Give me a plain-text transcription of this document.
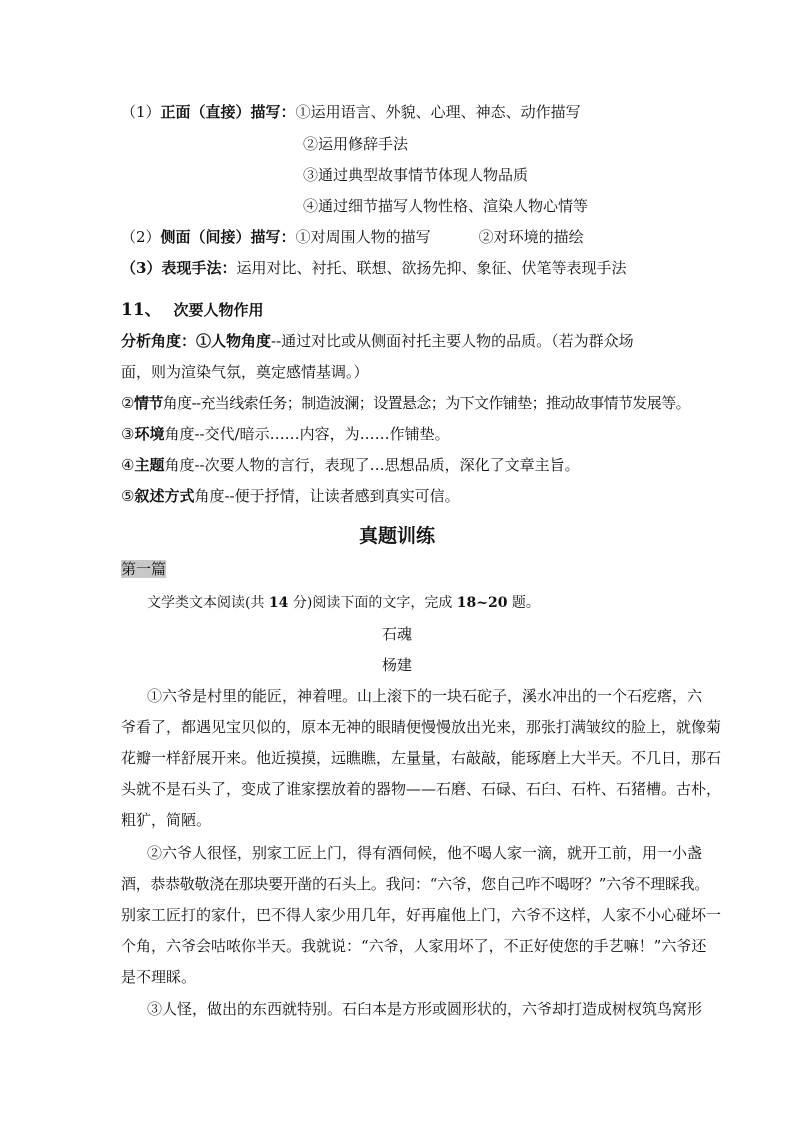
（1）正面（直接）描写：①运用语言、外貌、心理、神态、动作描写
②运用修辞手法
③通过典型故事情节体现人物品质
④通过细节描写人物性格、渲染人物心情等
（2）侧面（间接）描写：①对周围人物的描写	②对环境的描绘
（3）表现手法：运用对比、衬托、联想、欲扬先抑、象征、伏笔等表现手法
11、 次要人物作用
分析角度：①人物角度--通过对比或从侧面衬托主要人物的品质。（若为群众场
面，则为渲染气氛，奠定感情基调。）
②情节角度--充当线索任务；制造波澜；设置悬念；为下文作铺垫；推动故事情节发展等。
③环境角度--交代/暗示……内容，为……作铺垫。
④主题角度--次要人物的言行，表现了…思想品质，深化了文章主旨。
⑤叙述方式角度--便于抒情，让读者感到真实可信。
真题训练
第一篇
文学类文本阅读(共 14 分)阅读下面的文字，完成 18~20 题。
石魂
杨建
①六爷是村里的能匠，神着哩。山上滚下的一块石砣子，溪水冲出的一个石疙瘩，六
爷看了，都遇见宝贝似的，原本无神的眼睛便慢慢放出光来，那张打满皱纹的脸上，就像菊
花瓣一样舒展开来。他近摸摸，远瞧瞧，左量量，右敲敲，能琢磨上大半天。不几日，那石
头就不是石头了，变成了谁家摆放着的器物——石磨、石碌、石臼、石杵、石猪槽。古朴，
粗犷，简陋。
②六爷人很怪，别家工匠上门，得有酒伺候，他不喝人家一滴，就开工前，用一小盏
酒，恭恭敬敬浇在那块要开凿的石头上。我问：“六爷，您自己咋不喝呀？”六爷不理睬我。
别家工匠打的家什，巴不得人家少用几年，好再雇他上门，六爷不这样，人家不小心碰坏一
个角，六爷会咕哝你半天。我就说：“六爷，人家用坏了，不正好使您的手艺嘛！”六爷还
是不理睬。
③人怪，做出的东西就特别。石臼本是方形或圆形状的，六爷却打造成树杈筑鸟窝形
